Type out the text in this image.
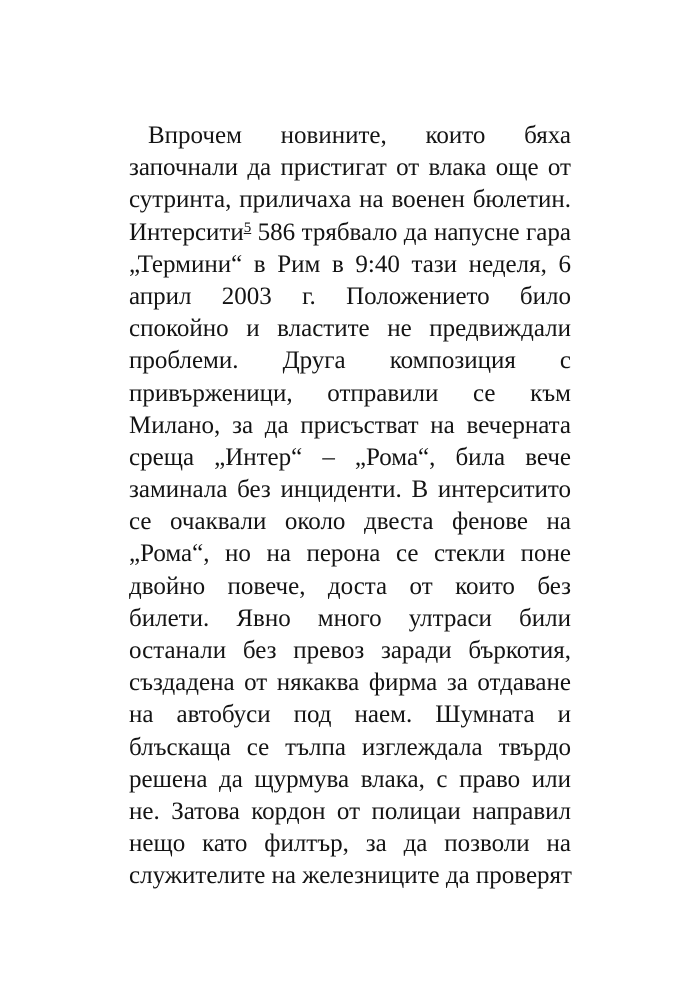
Впрочем новините, които бяха
започнали да пристигат от влака още от
сутринта, приличаха на военен бюлетин.
Интерсити$^5$ 586 трябвало да напусне гара
„Термини“ в Рим в 9:40 тази неделя, 6
април 2003 г. Положението било
спокойно и властите не предвиждали
проблеми. Друга композиция с
привърженици, отправили се към
Милано, за да присъстват на вечерната
среща „Интер“ – „Рома“, била вече
заминала без инциденти. В интерситито
се очаквали около двеста фенове на
„Рома“, но на перона се стекли поне
двойно повече, доста от които без
билети. Явно много ултраси били
останали без превоз заради бъркотия,
създадена от някаква фирма за отдаване
на автобуси под наем. Шумната и
блъскаща се тълпа изглеждала твърдо
решена да щурмува влака, с право или
не. Затова кордон от полицаи направил
нещо като филтър, за да позволи на
служителите на железниците да проверят
